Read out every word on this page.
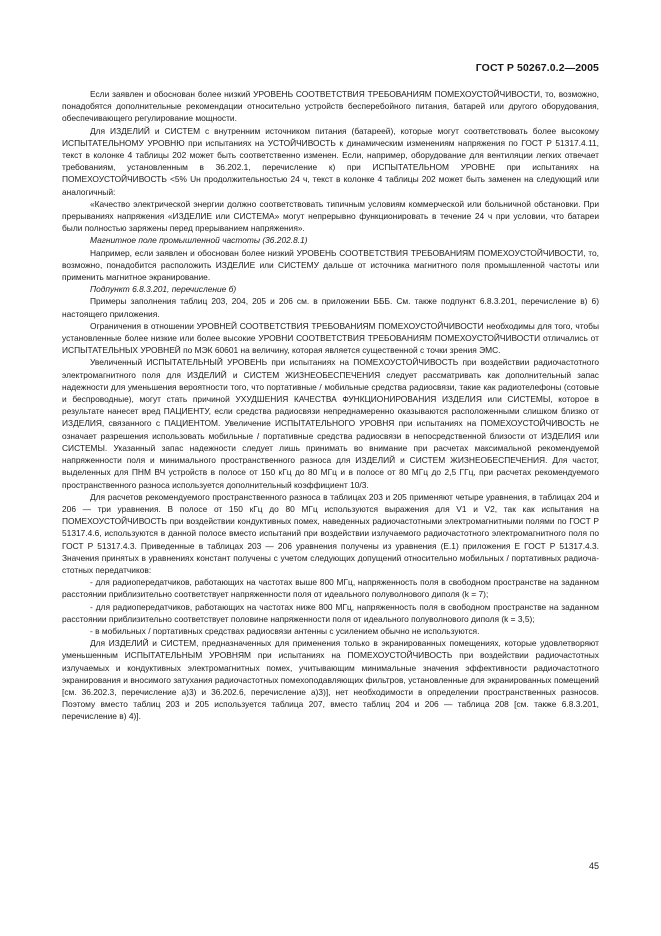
ГОСТ Р 50267.0.2—2005

Если заявлен и обоснован более низкий УРОВЕНЬ СООТВЕТСТВИЯ ТРЕБОВАНИЯМ ПОМЕХОУСТОЙЧИВОСТИ, то, возможно, понадобятся дополнительные рекомендации относительно устройств бесперебойного питания, батарей или другого оборудования, обеспечивающего регулирование мощности.

Для ИЗДЕЛИЙ и СИСТЕМ с внутренним источником питания (батареей), которые могут соответствовать более высокому ИСПЫТАТЕЛЬНОМУ УРОВНЮ при испытаниях на УСТОЙЧИВОСТЬ к динамическим изменениям напряжения по ГОСТ Р 51317.4.11, текст в колонке 4 таблицы 202 может быть соответственно изменен. Если, например, оборудование для вентиляции легких отвечает требованиям, установленным в 36.202.1, перечисление к) при ИСПЫТАТЕЛЬНОМ УРОВНЕ при испытаниях на ПОМЕХОУСТОЙЧИВОСТЬ <5% Uн продолжительностью 24 ч, текст в колонке 4 таблицы 202 может быть заменен на следующий или аналогичный:

«Качество электрической энергии должно соответствовать типичным условиям коммерческой или больничной обстановки. При прерываниях напряжения «ИЗДЕЛИЕ или СИСТЕМА» могут непрерывно функционировать в течение 24 ч при условии, что батареи были полностью заряжены перед прерыванием напряжения».

Магнитное поле промышленной частоты (36.202.8.1)

Например, если заявлен и обоснован более низкий УРОВЕНЬ СООТВЕТСТВИЯ ТРЕБОВАНИЯМ ПОМЕХОУСТОЙЧИВОСТИ, то, возможно, понадобится расположить ИЗДЕЛИЕ или СИСТЕМУ дальше от источника магнитного поля промышленной частоты или применить магнитное экранирование.

Подпункт 6.8.3.201, перечисление б)

Примеры заполнения таблиц 203, 204, 205 и 206 см. в приложении БББ. См. также подпункт 6.8.3.201, перечисление в) 6) настоящего приложения.

Ограничения в отношении УРОВНЕЙ СООТВЕТСТВИЯ ТРЕБОВАНИЯМ ПОМЕХОУСТОЙЧИВОСТИ необходимы для того, чтобы установленные более низкие или более высокие УРОВНИ СООТВЕТСТВИЯ ТРЕБОВАНИЯМ ПОМЕХОУСТОЙЧИВОСТИ отличались от ИСПЫТАТЕЛЬНЫХ УРОВНЕЙ по МЭК 60601 на величину, которая является существенной с точки зрения ЭМС.

Увеличенный ИСПЫТАТЕЛЬНЫЙ УРОВЕНЬ при испытаниях на ПОМЕХОУСТОЙЧИВОСТЬ при воздействии радиочастотного электромагнитного поля для ИЗДЕЛИЙ и СИСТЕМ ЖИЗНЕОБЕСПЕЧЕНИЯ следует рассматривать как дополнительный запас надежности для уменьшения вероятности того, что портативные / мобильные средства радиосвязи, такие как радиотелефоны (сотовые и беспроводные), могут стать причиной УХУДШЕНИЯ КАЧЕСТВА ФУНКЦИОНИРОВАНИЯ ИЗДЕЛИЯ или СИСТЕМЫ, которое в результате нанесет вред ПАЦИЕНТУ, если средства радиосвязи непреднамеренно оказываются расположенными слишком близко от ИЗДЕЛИЯ, связанного с ПАЦИЕНТОМ. Увеличение ИСПЫТАТЕЛЬНОГО УРОВНЯ при испытаниях на ПОМЕХОУСТОЙЧИВОСТЬ не означает разрешения использовать мобильные / портативные средства радиосвязи в непосредственной близости от ИЗДЕЛИЯ или СИСТЕМЫ. Указанный запас надежности следует лишь принимать во внимание при расчетах максимальной рекомендуемой напряженности поля и минимального пространственного разноса для ИЗДЕЛИЙ и СИСТЕМ ЖИЗНЕОБЕСПЕЧЕНИЯ. Для частот, выделенных для ПНМ ВЧ устройств в полосе от 150 кГц до 80 МГц и в полосе от 80 МГц до 2,5 ГГц, при расчетах рекомендуемого пространственного разноса используется дополнительный коэффициент 10/3.

Для расчетов рекомендуемого пространственного разноса в таблицах 203 и 205 применяют четыре уравнения, в таблицах 204 и 206 — три уравнения. В полосе от 150 кГц до 80 МГц используются выражения для V1 и V2, так как испытания на ПОМЕХОУСТОЙЧИВОСТЬ при воздействии кондуктивных помех, наведенных радиочастотными электромагнитными полями по ГОСТ Р 51317.4.6, используются в данной полосе вместо испытаний при воздействии излучаемого радиочастотного электромагнитного поля по ГОСТ Р 51317.4.3. Приведенные в таблицах 203 — 206 уравнения получены из уравнения (Е.1) приложения Е ГОСТ Р 51317.4.3. Значения принятых в уравнениях констант получены с учетом следующих допущений относительно мобильных / портативных радиочастотных передатчиков:

- для радиопередатчиков, работающих на частотах выше 800 МГц, напряженность поля в свободном пространстве на заданном расстоянии приблизительно соответствует напряженности поля от идеального полуволнового диполя (k = 7);

- для радиопередатчиков, работающих на частотах ниже 800 МГц, напряженность поля в свободном пространстве на заданном расстоянии приблизительно соответствует половине напряженности поля от идеального полуволнового диполя (k = 3,5);

- в мобильных / портативных средствах радиосвязи антенны с усилением обычно не используются.

Для ИЗДЕЛИЙ и СИСТЕМ, предназначенных для применения только в экранированных помещениях, которые удовлетворяют уменьшенным ИСПЫТАТЕЛЬНЫМ УРОВНЯМ при испытаниях на ПОМЕХОУСТОЙЧИВОСТЬ при воздействии радиочастотных излучаемых и кондуктивных электромагнитных помех, учитывающим минимальные значения эффективности радиочастотного экранирования и вносимого затухания радиочастотных помехоподавляющих фильтров, установленные для экранированных помещений [см. 36.202.3, перечисление а)3) и 36.202.6, перечисление а)3)], нет необходимости в определении пространственных разносов. Поэтому вместо таблиц 203 и 205 используется таблица 207, вместо таблиц 204 и 206 — таблица 208 [см. также 6.8.3.201, перечисление в) 4)].

45
